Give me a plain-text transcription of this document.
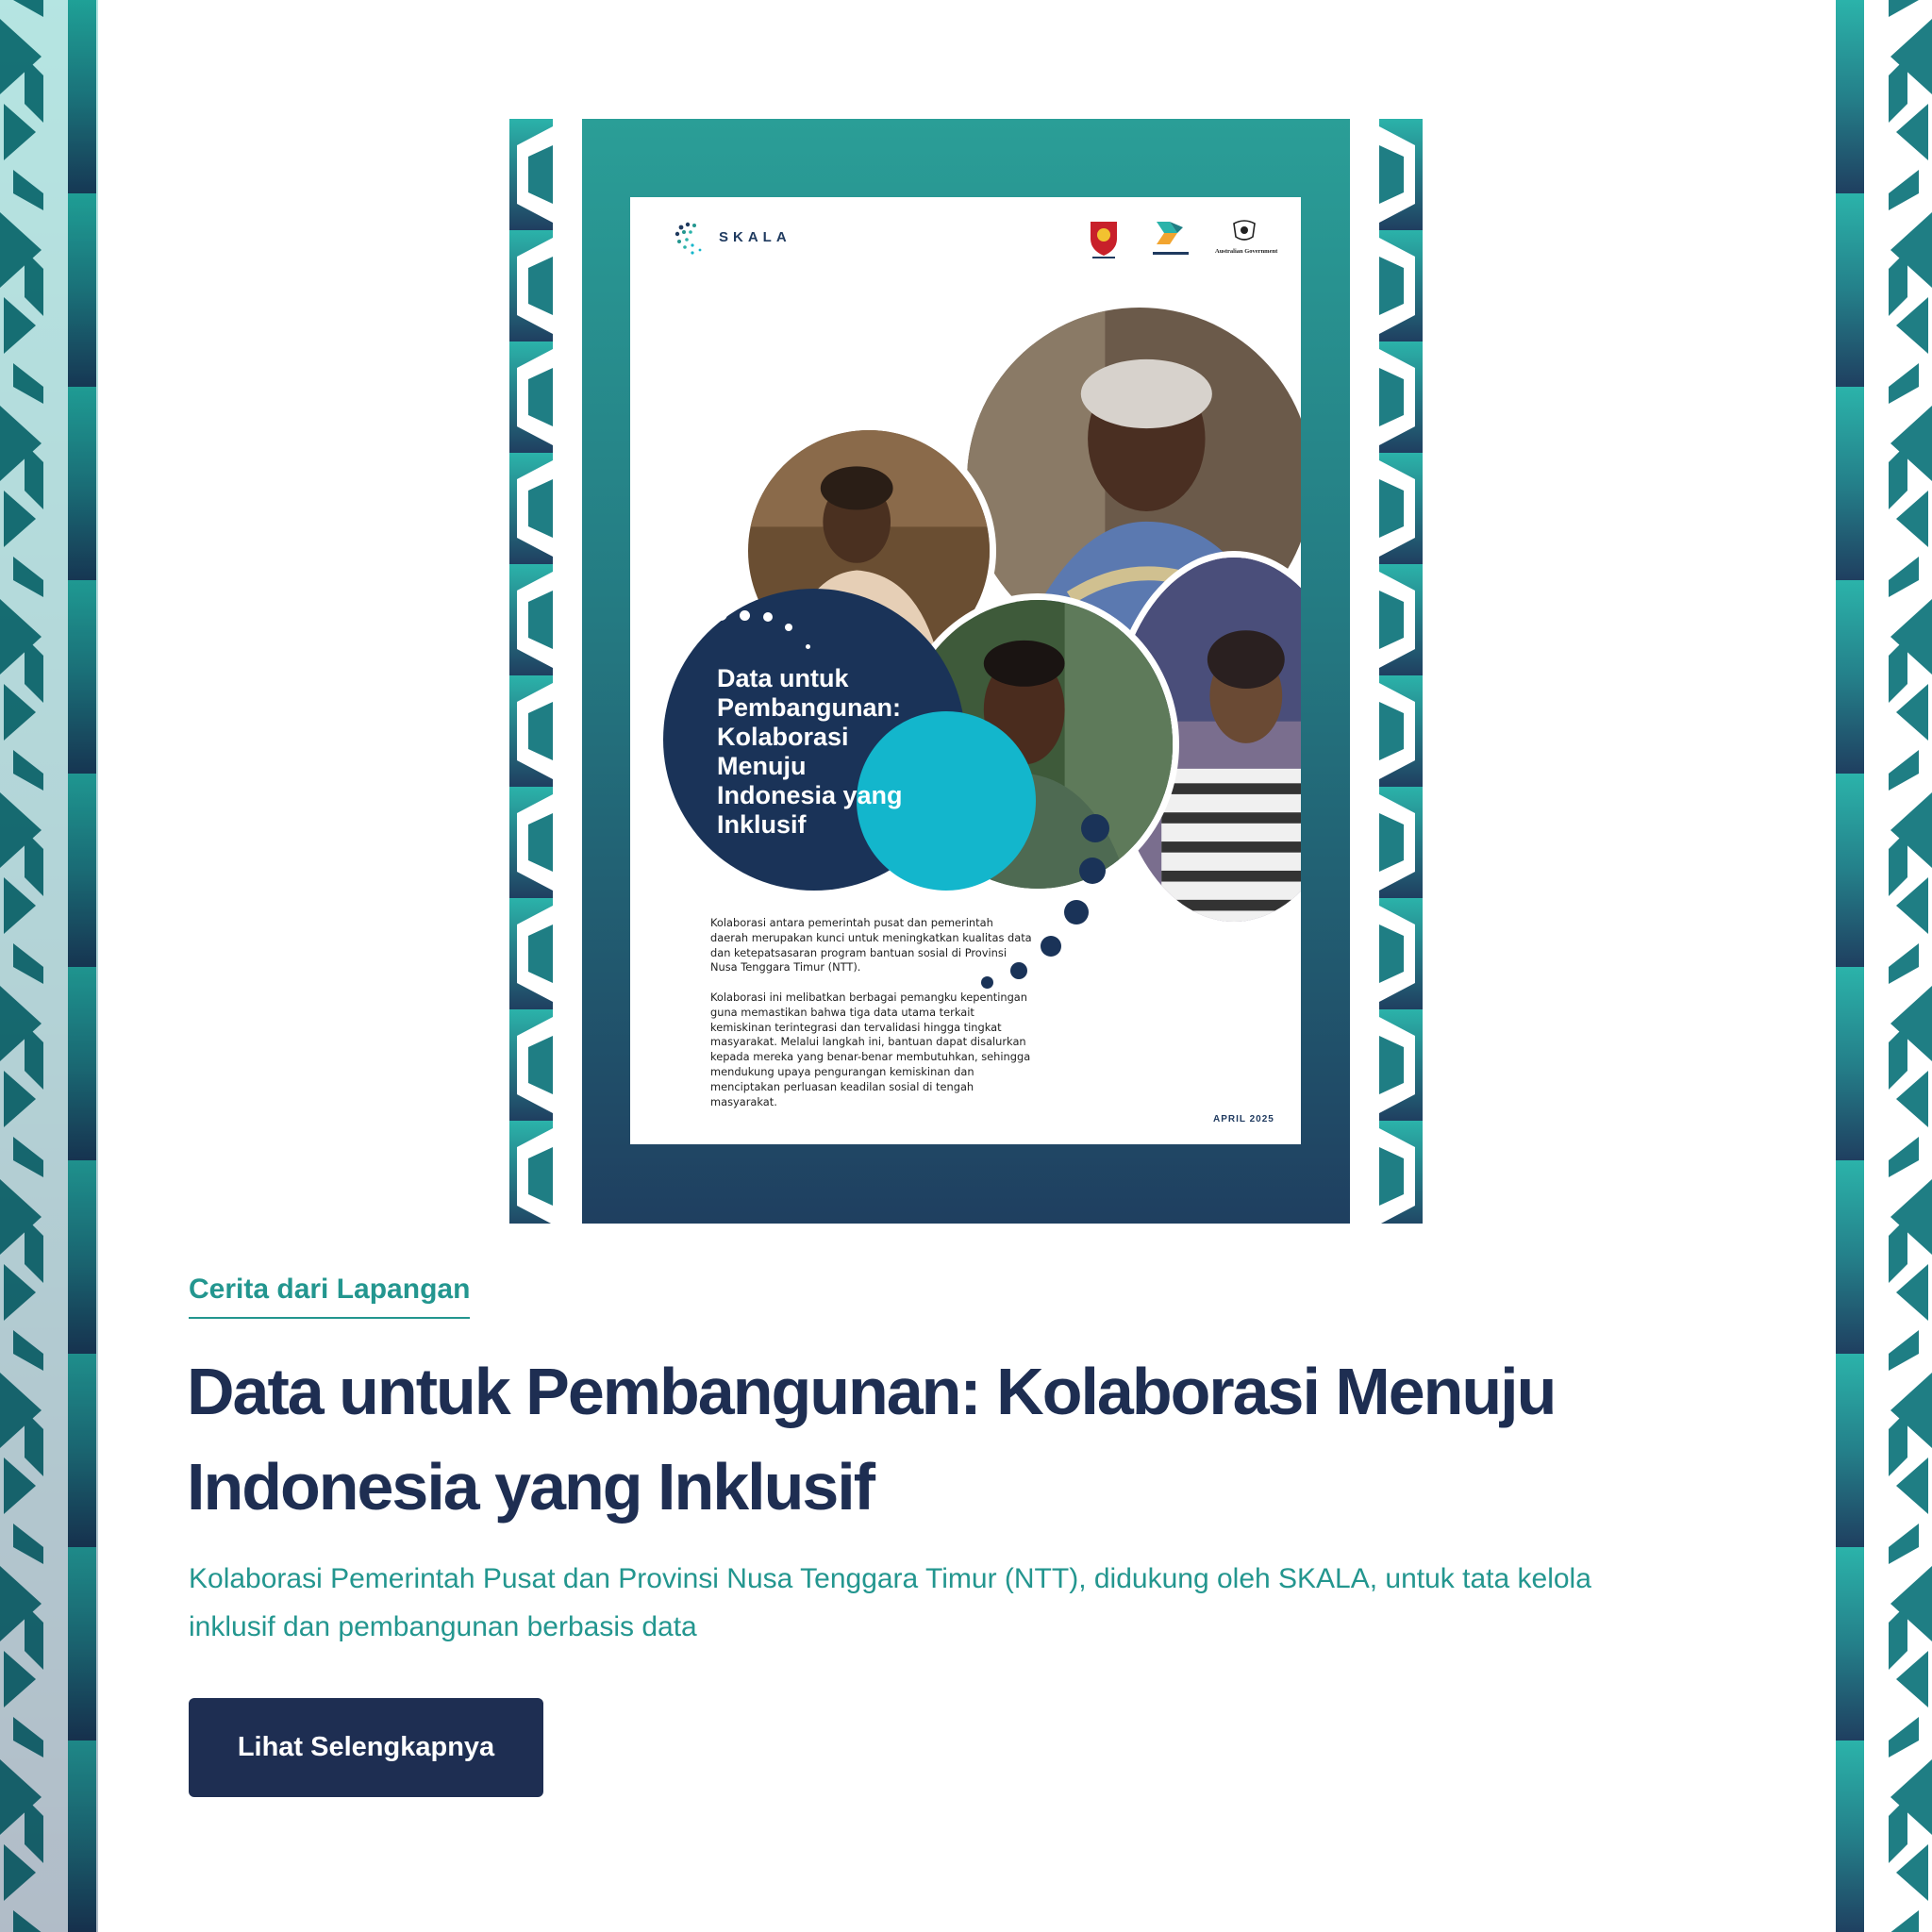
SKALA
Australian Government
Data untuk
Pembangunan:
Kolaborasi
Menuju
Indonesia yang
Inklusif
Kolaborasi antara pemerintah pusat dan pemerintah
daerah merupakan kunci untuk meningkatkan kualitas data
dan ketepatsasaran program bantuan sosial di Provinsi
Nusa Tenggara Timur (NTT).

Kolaborasi ini melibatkan berbagai pemangku kepentingan
guna memastikan bahwa tiga data utama terkait
kemiskinan terintegrasi dan tervalidasi hingga tingkat
masyarakat. Melalui langkah ini, bantuan dapat disalurkan
kepada mereka yang benar-benar membutuhkan, sehingga
mendukung upaya pengurangan kemiskinan dan
menciptakan perluasan keadilan sosial di tengah
masyarakat.
APRIL 2025
Cerita dari Lapangan
Data untuk Pembangunan: Kolaborasi Menuju Indonesia yang Inklusif

Kolaborasi Pemerintah Pusat dan Provinsi Nusa Tenggara Timur (NTT), didukung oleh SKALA, untuk tata kelola inklusif dan pembangunan berbasis data

Lihat Selengkapnya
